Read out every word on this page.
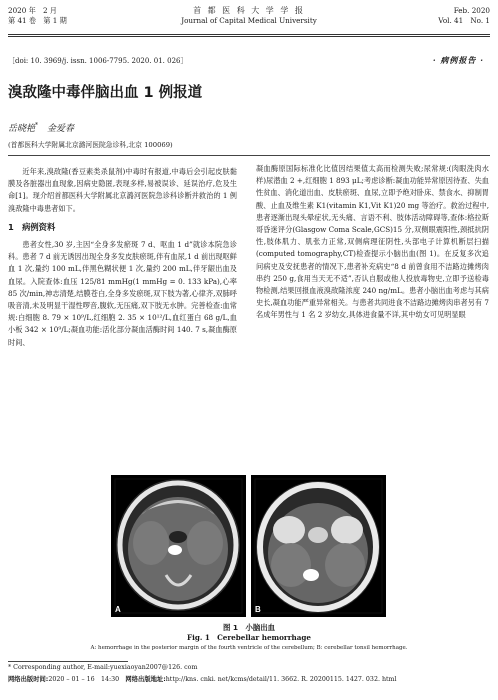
2020 年　2 月
第 41 卷　第 1 期
首 都 医 科 大 学 学 报
Journal of Capital Medical University
Feb. 2020
Vol. 41　No. 1
［doi: 10. 3969/j. issn. 1006-7795. 2020. 01. 026］	· 病例报告 ·
溴敌隆中毒伴脑出血 1 例报道
岳晓艳*　 金爱春
(首都医科大学附属北京潞河医院急诊科,北京 100069)

近年来,溴敌隆(香豆素类杀鼠剂)中毒时有报道,中毒后会引起皮肤黏膜及各脏器出血现象,因病史隐匿,表现多样,易被误诊、延误治疗,危及生命[1]。现介绍首都医科大学附属北京潞河医院急诊科诊断并救治的 1 例溴敌隆中毒患者如下。

1　病例资料

患者女性,30 岁,主因“全身多发瘀斑 7 d、呕血 1 d”就诊本院急诊科。患者 7 d 前无诱因出现全身多发皮肤瘀斑,伴有血尿,1 d 前出现呕鲜血 1 次,量约 100 mL,伴黑色糊状便 1 次,量约 200 mL,伴牙龈出血及血尿。入院查体:血压 125/81 mmHg(1 mmHg = 0. 133 kPa),心率 85 次/min,神志清楚,结膜苍白,全身多发瘀斑,双下肢为著,心律齐,双肺呼吸音清,未及明显干湿性啰音,腹软,无压痛,双下肢无水肿。完善检查:血常规:白细胞 8. 79 × 10⁹/L,红细胞 2. 35 × 10¹²/L,血红蛋白 68 g/L,血小板 342 × 10⁹/L;凝血功能:活化部分凝血活酶时间 140. 7 s,凝血酶原时间、

凝血酶原国际标准化比值因结果值太高而检测失败;尿常规:(肉眼洗肉水样)尿潜血 2 +,红细胞 1 893 μL;考虑诊断:凝血功能异常原因待查、失血性贫血、消化道出血、皮肤瘀斑、血尿,立即予绝对卧床、禁食水、抑制胃酸、止血及维生素 K1(vitamin K1,Vit K1)20 mg 等治疗。救治过程中,患者逐渐出现头晕症状,无头痛、言语不利、肢体活动障碍等,查体:格拉斯哥昏迷评分(Glasgow Coma Scale,GCS)15 分,双侧眼震阳性,颈抵抗阴性,肢体肌力、肌张力正常,双侧病理征阴性,头部电子计算机断层扫描(computed tomography,CT)检查提示小脑出血(图 1)。在反复多次追问病史及安抚患者的情况下,患者补充病史“8 d 前曾食用不洁路边摊烤肉串约 250 g,食用当天无不适”,否认自服或他人投放毒物史,立即予送检毒物检测,结果回报血液溴敌隆浓度 240 ng/mL。患者小脑出血考虑与其病史长,凝血功能严重异常相关。与患者共同进食不洁路边摊烤肉串者另有 7 名成年男性与 1 名 2 岁幼女,具体进食量不详,其中幼女可见明显眼

A	B
图 1　小脑出血
Fig. 1　Cerebellar hemorrhage
A: hemorrhage in the posterior margin of the fourth ventricle of the cerebellum; B: cerebellar tonsil hemorrhage.
* Corresponding author, E-mail:yuexiaoyan2007@126. com
网络出版时间:2020 – 01 – 16　14:30　 网络出版地址:http://kns. cnki. net/kcms/detail/11. 3662. R. 20200115. 1427. 032. html
